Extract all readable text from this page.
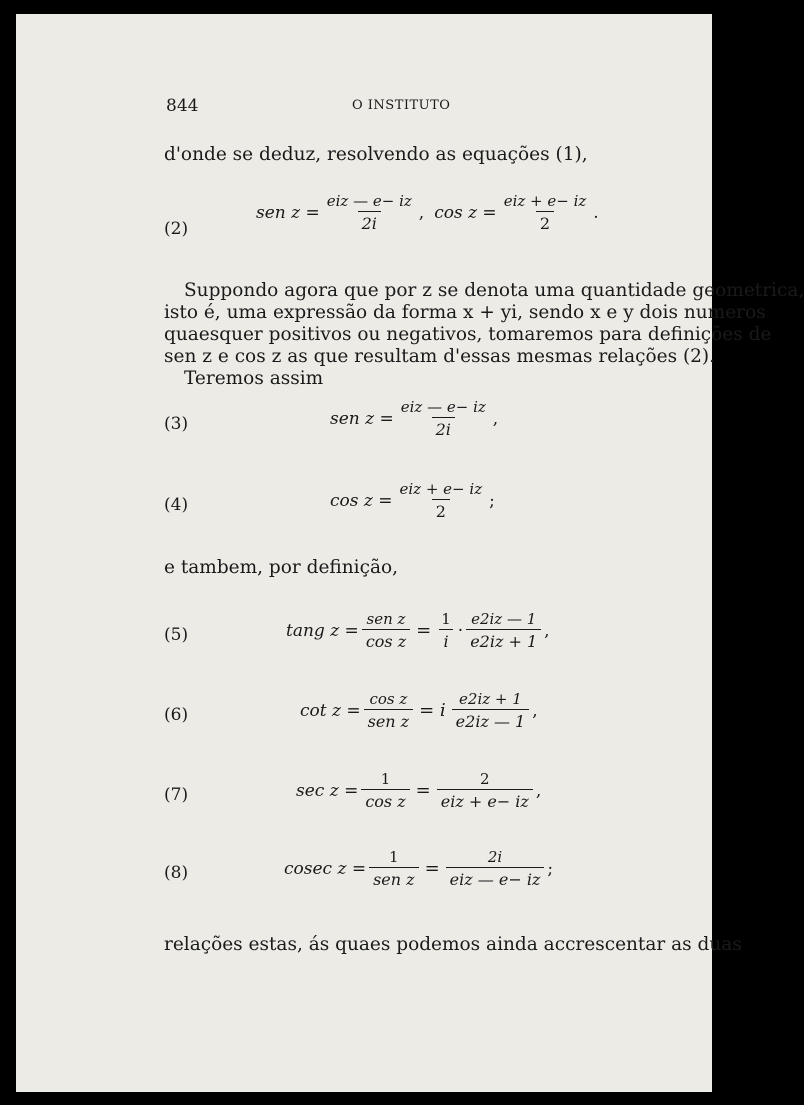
844	O INSTITUTO
d'onde se deduz, resolvendo as equações (1),
(2)
sen $z = \frac{\text{eiz — e− iz}}{2i}$ , $\cos z = \frac{\text{eiz + e− iz}}{2}$ .
Suppondo agora que por z se denota uma quantidade geometrica,
isto é, uma expressão da forma x + yi, sendo x e y dois numeros
quaesquer positivos ou negativos, tomaremos para definições de
sen z e cos z as que resultam d'essas mesmas relações (2).
Teremos assim
(3)	sen $z = \frac{\text{eiz — e− iz}}{2i}$ ,
(4)	$\cos z = \frac{\text{eiz + e− iz}}{2}$ ;
e tambem, por definição,
(5)	tang $z = \frac{\text{sen z}}{\text{cos z}} = \frac{1}{i} \cdot \frac{e2iz — 1}{e2iz + 1}$ ,
(6)	$\cot z = \frac{\text{cos z}}{\text{sen z}} = i \frac{e2iz + 1}{e2iz — 1}$ ,
(7)	$\sec z = \frac{1}{\text{cos z}} = \frac{2}{\text{eiz + e− iz}}$ ,
(8)	cosec $z = \frac{1}{\text{sen z}} = \frac{2i}{\text{eiz — e− iz}}$ ;
relações estas, ás quaes podemos ainda accrescentar as duas
